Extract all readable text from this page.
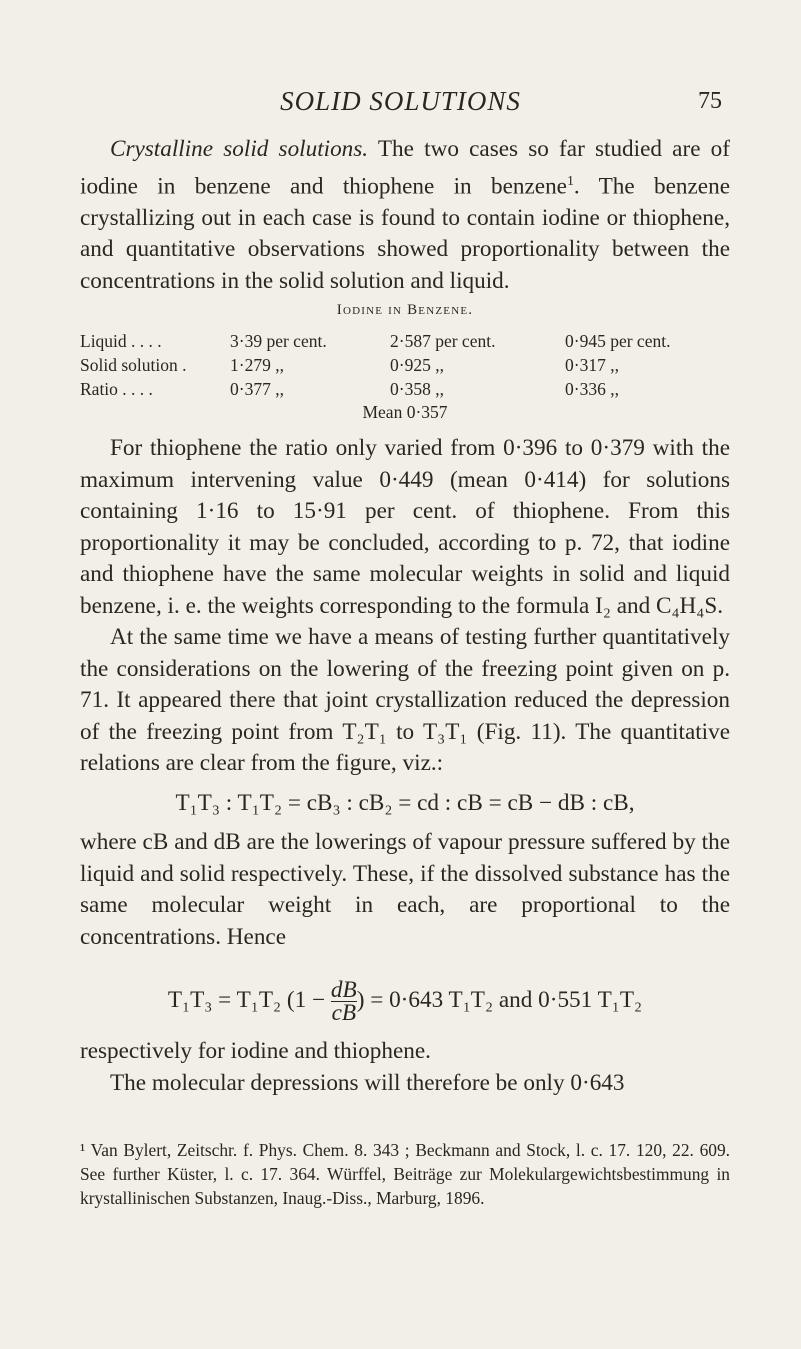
SOLID SOLUTIONS	75

Crystalline solid solutions. The two cases so far studied are of iodine in benzene and thiophene in benzene$^1$. The benzene crystallizing out in each case is found to contain iodine or thiophene, and quantitative observations showed proportionality between the concentrations in the solid solution and liquid.

Iodine in Benzene.
Liquid . . . .	3·39 per cent.	2·587 per cent.	0·945 per cent.
Solid solution .	1·279 ,,	0·925 ,,	0·317 ,,
Ratio . . . .	0·377 ,,	0·358 ,,	0·336 ,,
Mean 0·357

For thiophene the ratio only varied from 0·396 to 0·379 with the maximum intervening value 0·449 (mean 0·414) for solutions containing 1·16 to 15·91 per cent. of thiophene. From this proportionality it may be concluded, according to p. 72, that iodine and thiophene have the same molecular weights in solid and liquid benzene, i. e. the weights corresponding to the formula I₂ and C₄H₄S.

At the same time we have a means of testing further quantitatively the considerations on the lowering of the freezing point given on p. 71. It appeared there that joint crystallization reduced the depression of the freezing point from T₂T₁ to T₃T₁ (Fig. 11). The quantitative relations are clear from the figure, viz.:

T₁T₃ : T₁T₂ = cB₃ : cB₂ = cd : cB = cB − dB : cB,

where cB and dB are the lowerings of vapour pressure suffered by the liquid and solid respectively. These, if the dissolved substance has the same molecular weight in each, are proportional to the concentrations. Hence

T₁T₃ = T₁T₂ ($1 - \frac{dB}{cB}$ ) = 0·643 T₁T₂ and 0·551 T₁T₂

respectively for iodine and thiophene.

The molecular depressions will therefore be only 0·643

¹ Van Bylert, Zeitschr. f. Phys. Chem. 8. 343 ; Beckmann and Stock, l. c. 17. 120, 22. 609. See further Küster, l. c. 17. 364. Würffel, Beiträge zur Molekulargewichtsbestimmung in krystallinischen Substanzen, Inaug.-Diss., Marburg, 1896.
